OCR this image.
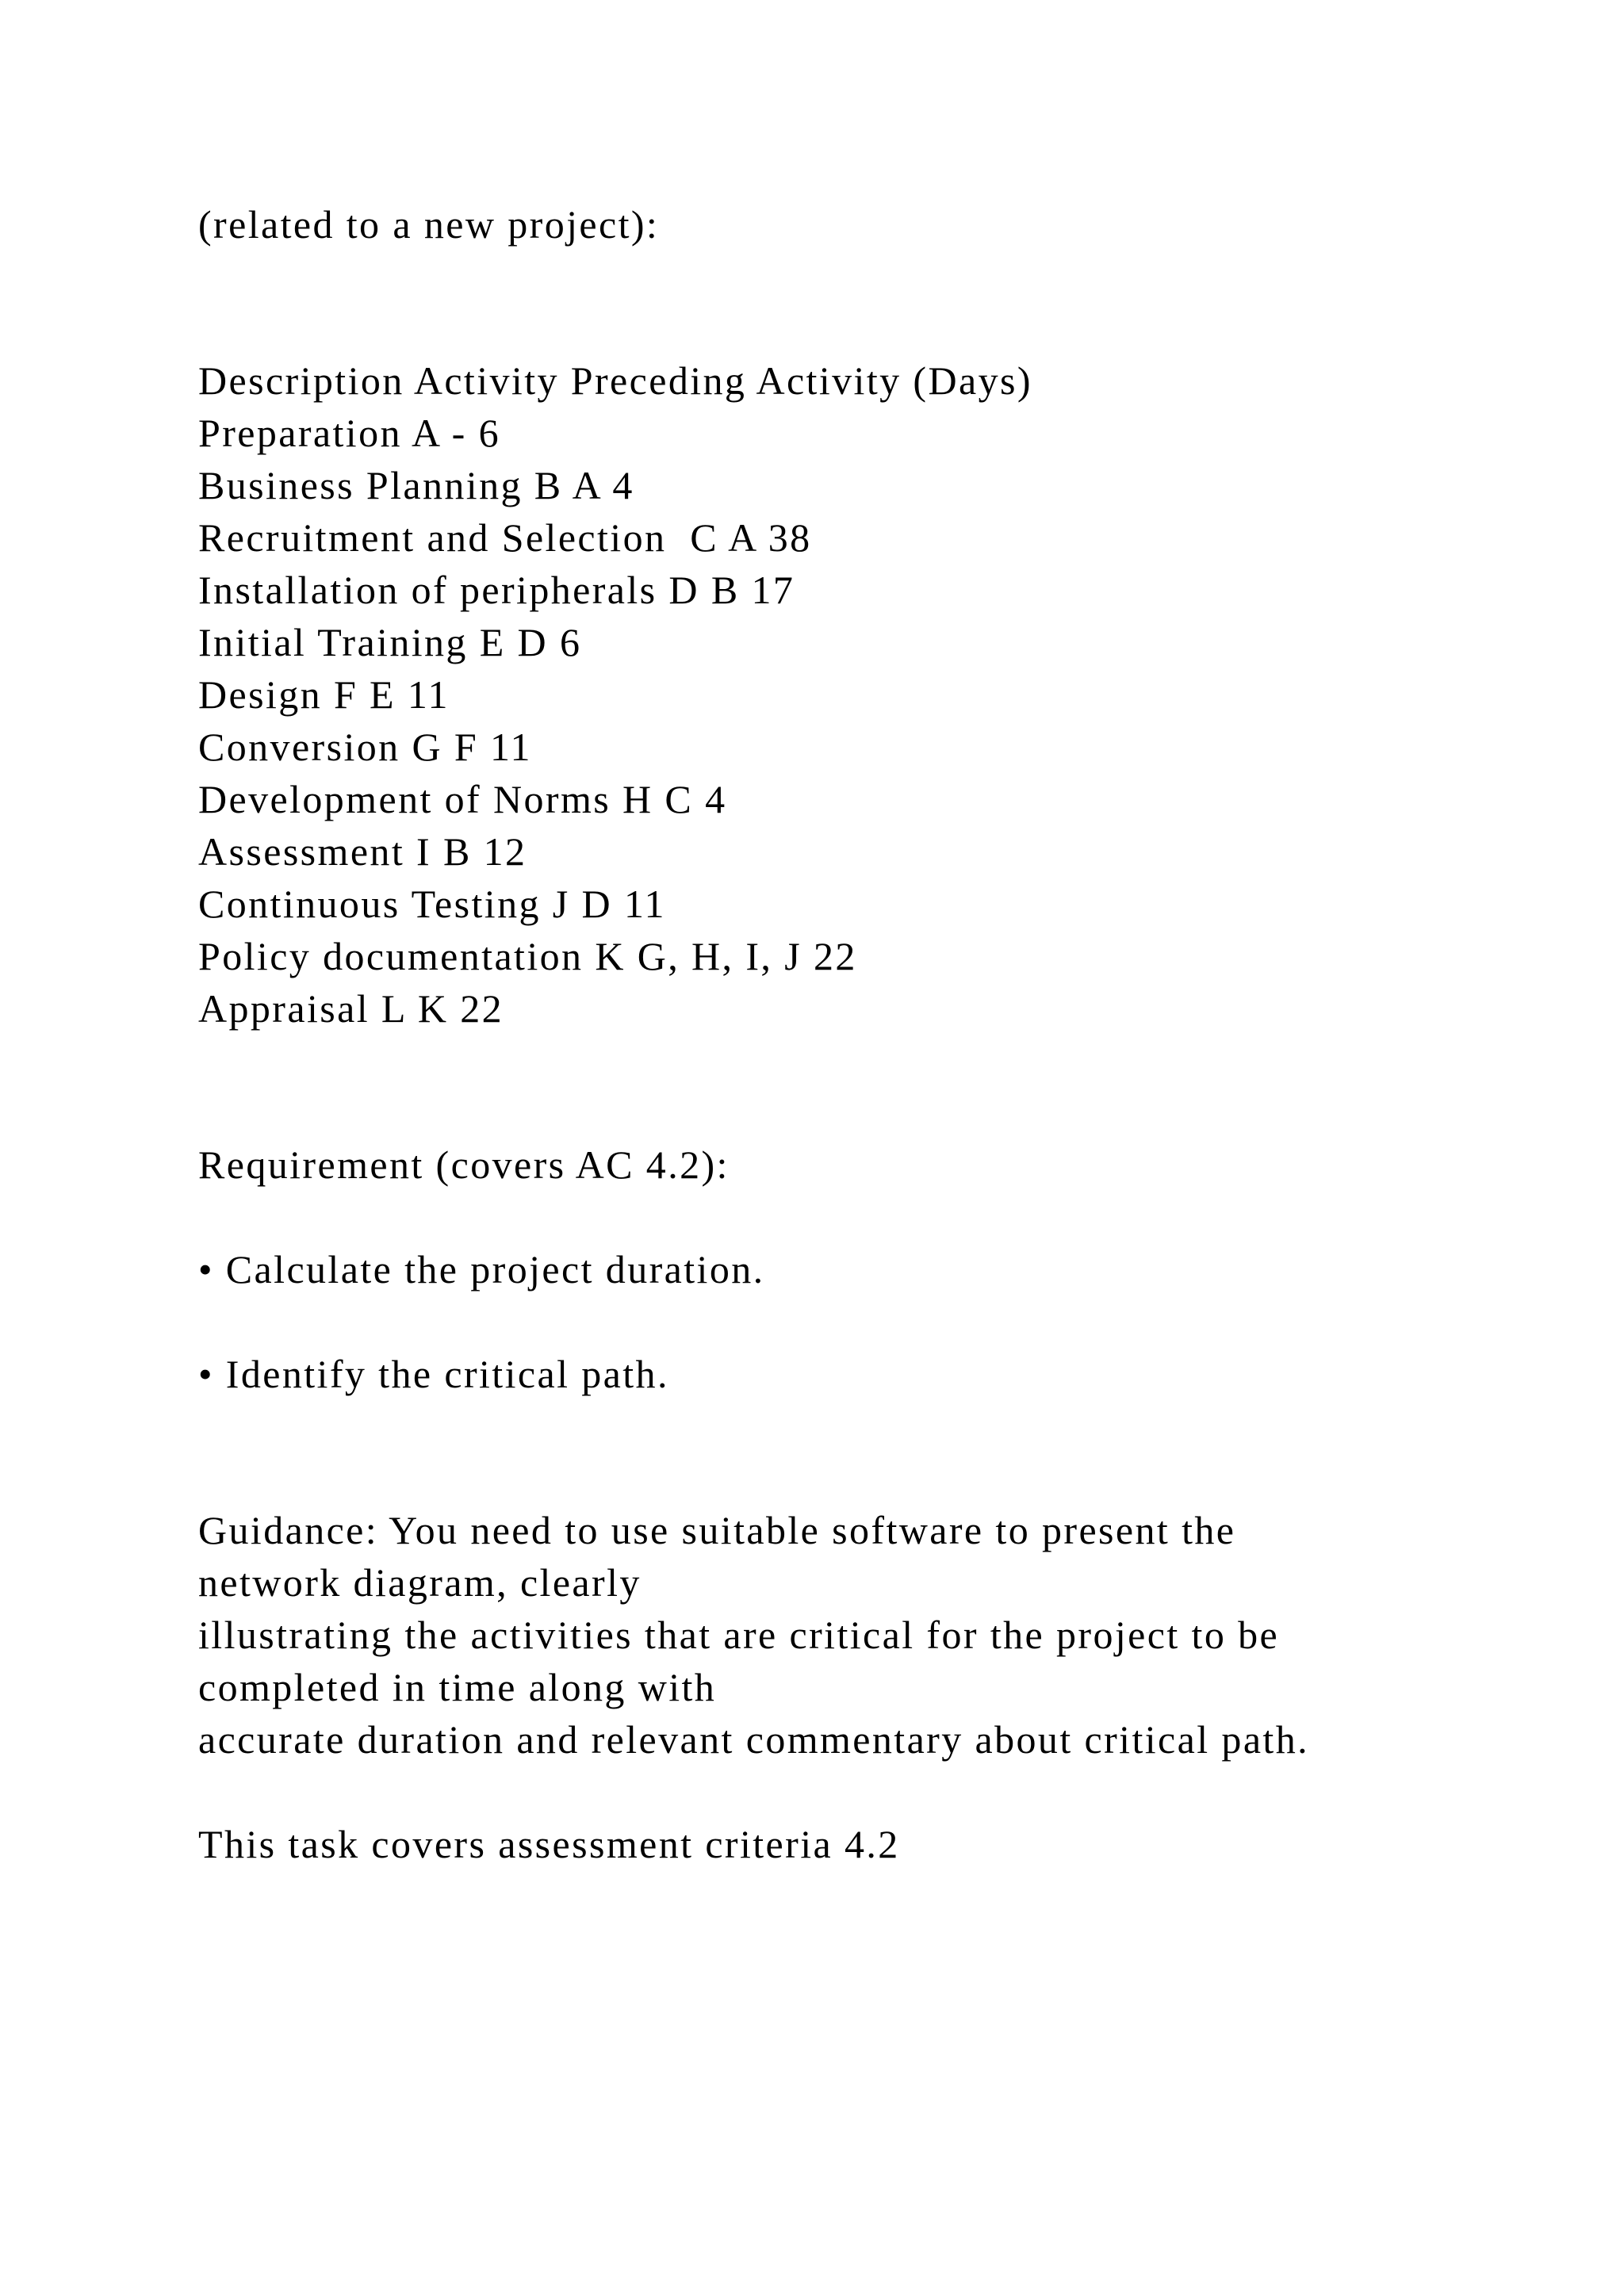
(related to a new project):
Description Activity Preceding Activity (Days)
Preparation A - 6
Business Planning B A 4
Recruitment and Selection  C A 38
Installation of peripherals D B 17
Initial Training E D 6
Design F E 11
Conversion G F 11
Development of Norms H C 4
Assessment I B 12
Continuous Testing J D 11
Policy documentation K G, H, I, J 22
Appraisal L K 22
Requirement (covers AC 4.2):
• Calculate the project duration.
• Identify the critical path.
Guidance: You need to use suitable software to present the
network diagram, clearly
illustrating the activities that are critical for the project to be
completed in time along with
accurate duration and relevant commentary about critical path.
This task covers assessment criteria 4.2
